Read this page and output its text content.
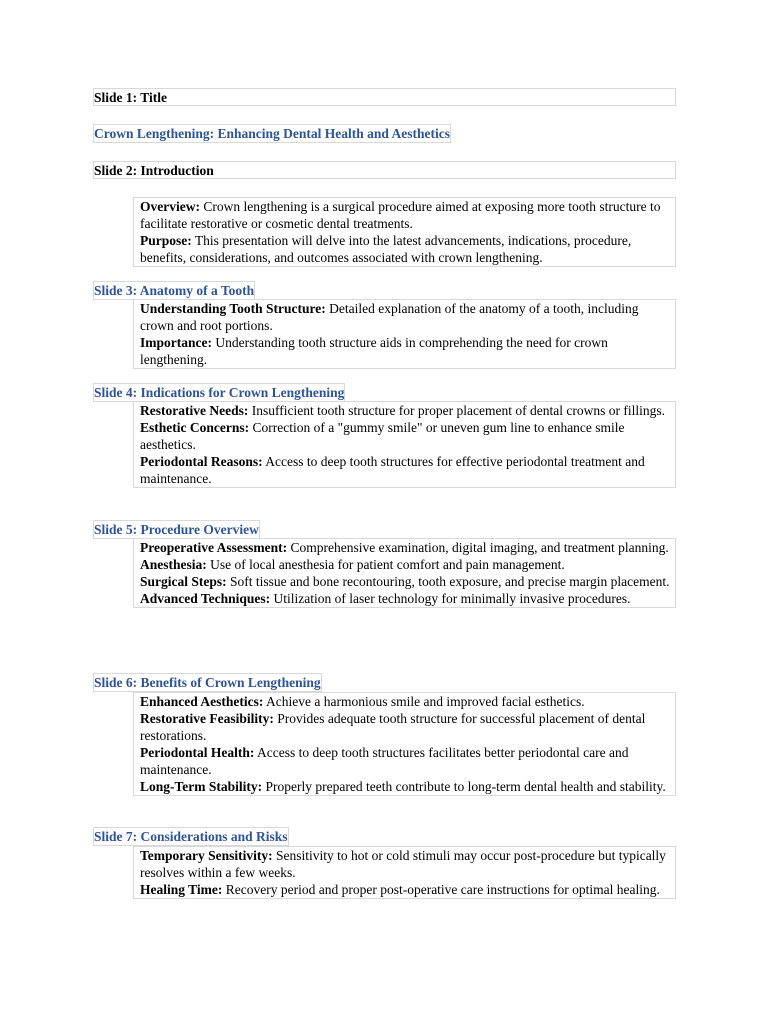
Slide 1: Title
Crown Lengthening: Enhancing Dental Health and Aesthetics
Slide 2: Introduction
Overview: Crown lengthening is a surgical procedure aimed at exposing more tooth structure to facilitate restorative or cosmetic dental treatments.
Purpose: This presentation will delve into the latest advancements, indications, procedure, benefits, considerations, and outcomes associated with crown lengthening.
Slide 3: Anatomy of a Tooth
Understanding Tooth Structure: Detailed explanation of the anatomy of a tooth, including crown and root portions.
Importance: Understanding tooth structure aids in comprehending the need for crown lengthening.
Slide 4: Indications for Crown Lengthening
Restorative Needs: Insufficient tooth structure for proper placement of dental crowns or fillings.
Esthetic Concerns: Correction of a "gummy smile" or uneven gum line to enhance smile aesthetics.
Periodontal Reasons: Access to deep tooth structures for effective periodontal treatment and maintenance.
Slide 5: Procedure Overview
Preoperative Assessment: Comprehensive examination, digital imaging, and treatment planning.
Anesthesia: Use of local anesthesia for patient comfort and pain management.
Surgical Steps: Soft tissue and bone recontouring, tooth exposure, and precise margin placement.
Advanced Techniques: Utilization of laser technology for minimally invasive procedures.
Slide 6: Benefits of Crown Lengthening
Enhanced Aesthetics: Achieve a harmonious smile and improved facial esthetics.
Restorative Feasibility: Provides adequate tooth structure for successful placement of dental restorations.
Periodontal Health: Access to deep tooth structures facilitates better periodontal care and maintenance.
Long-Term Stability: Properly prepared teeth contribute to long-term dental health and stability.
Slide 7: Considerations and Risks
Temporary Sensitivity: Sensitivity to hot or cold stimuli may occur post-procedure but typically resolves within a few weeks.
Healing Time: Recovery period and proper post-operative care instructions for optimal healing.
